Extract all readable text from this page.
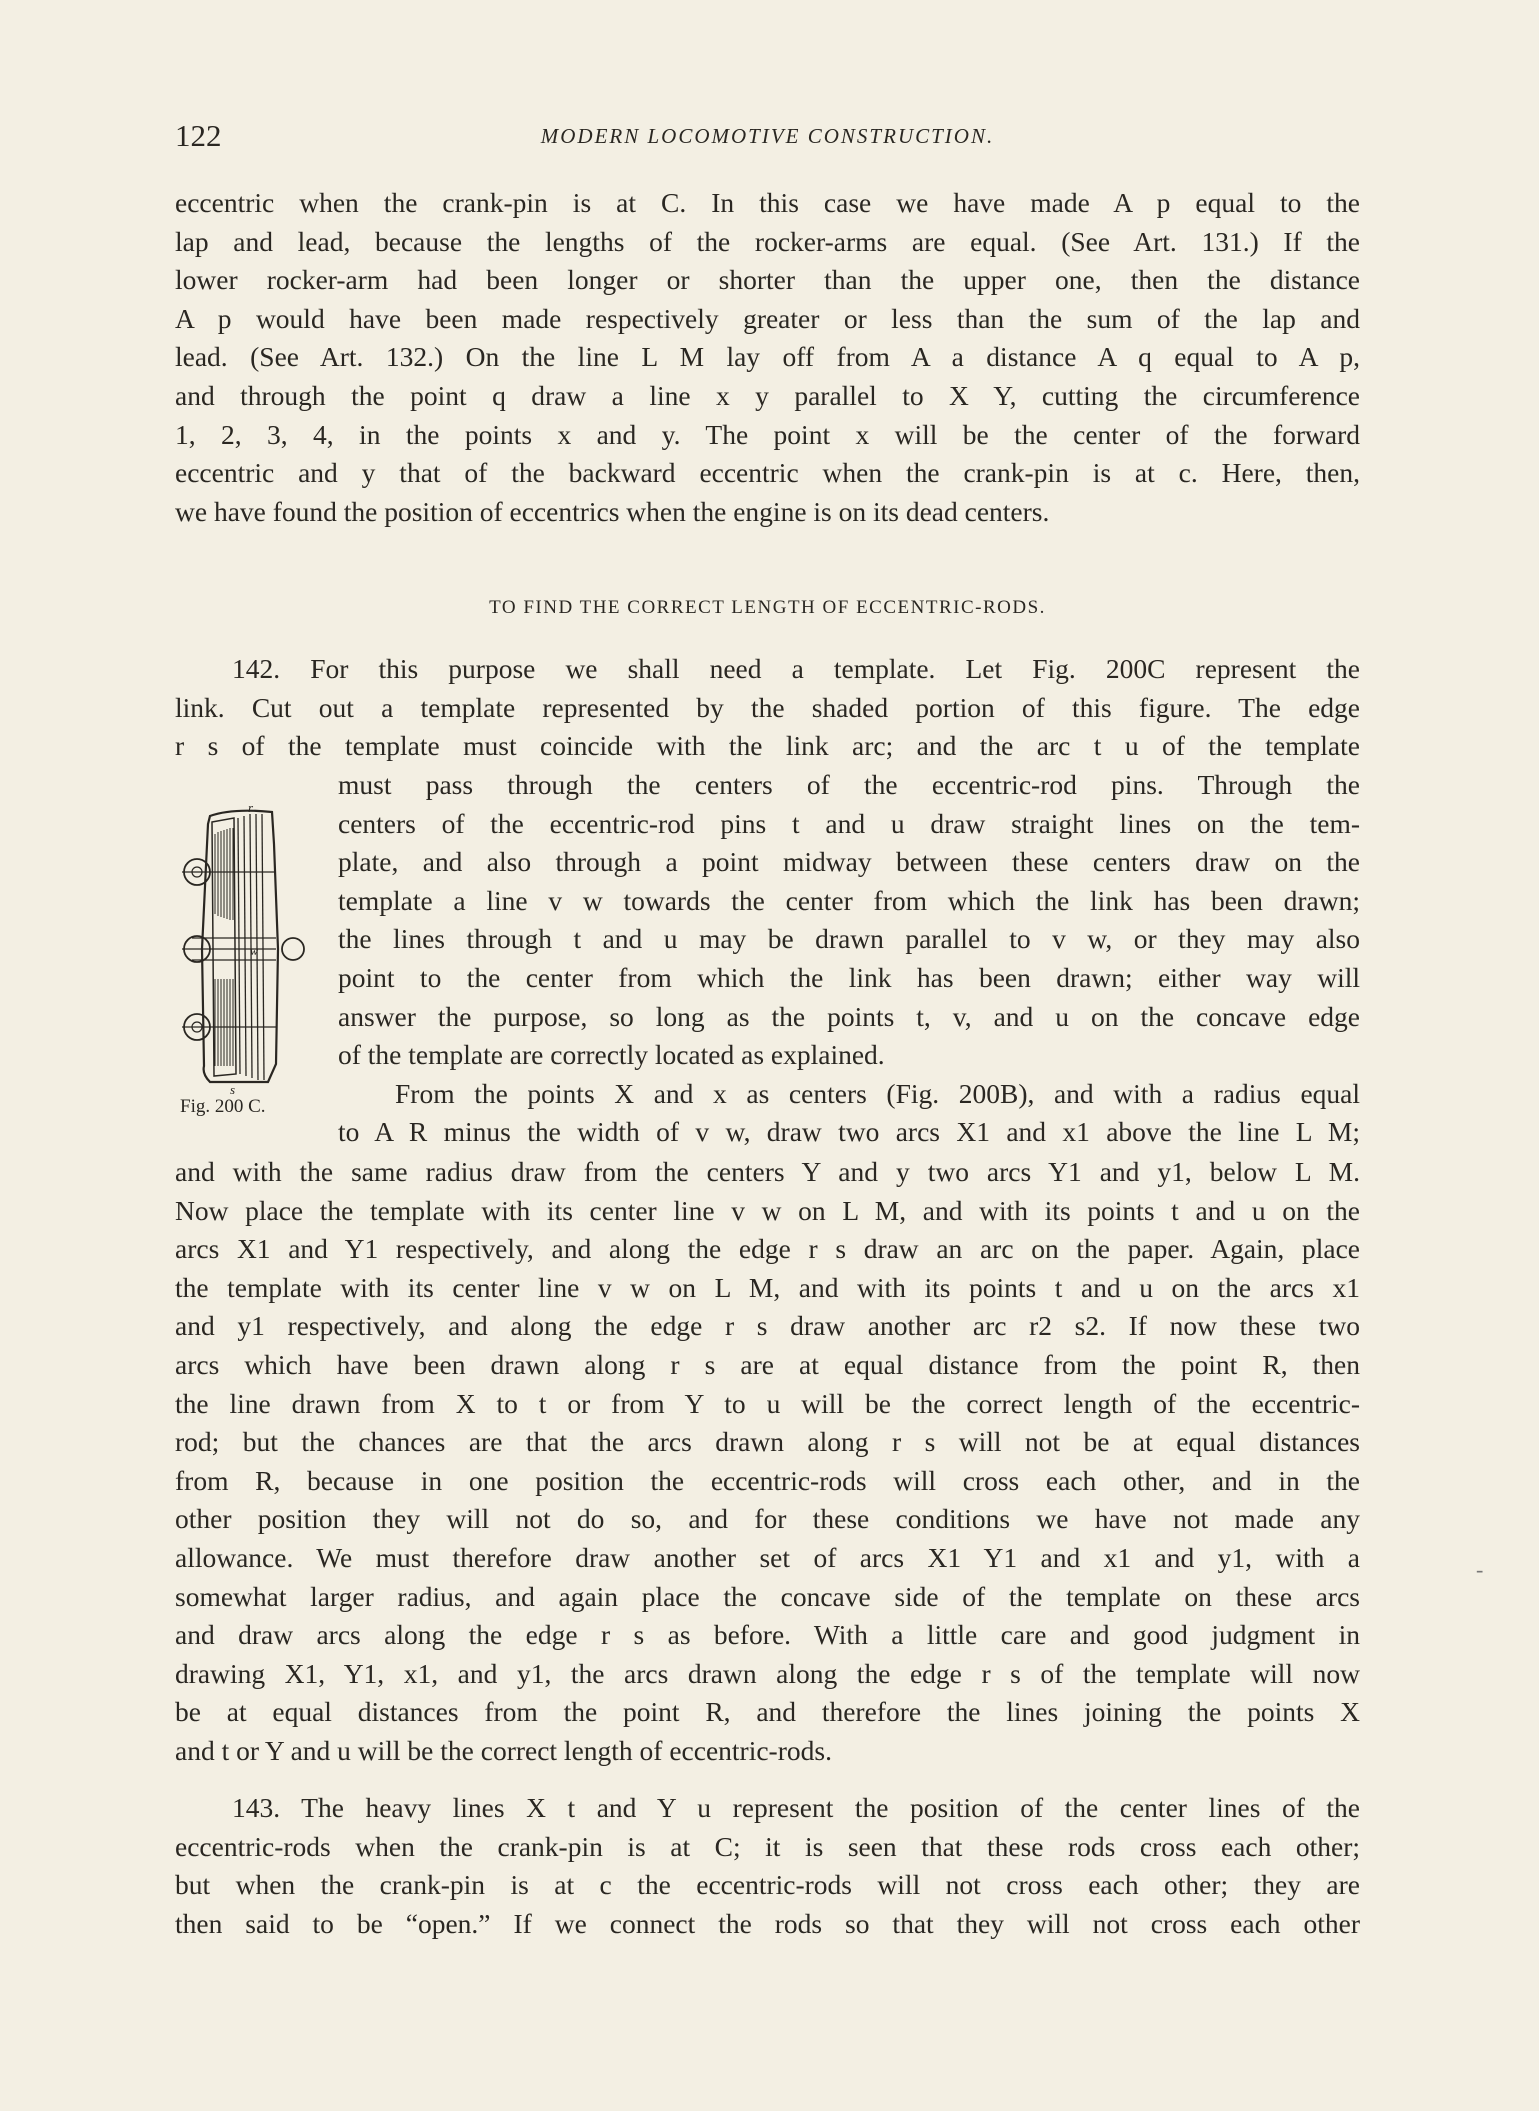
122	MODERN LOCOMOTIVE CONSTRUCTION.

eccentric when the crank-pin is at C. In this case we have made A p equal to the

lap and lead, because the lengths of the rocker-arms are equal. (See Art. 131.) If the

lower rocker-arm had been longer or shorter than the upper one, then the distance

A p would have been made respectively greater or less than the sum of the lap and

lead. (See Art. 132.) On the line L M lay off from A a distance A q equal to A p,

and through the point q draw a line x y parallel to X Y, cutting the circumference

1, 2, 3, 4, in the points x and y. The point x will be the center of the forward

eccentric and y that of the backward eccentric when the crank-pin is at c. Here, then,

we have found the position of eccentrics when the engine is on its dead centers.

TO FIND THE CORRECT LENGTH OF ECCENTRIC-RODS.

142. For this purpose we shall need a template. Let Fig. 200C represent the

link. Cut out a template represented by the shaded portion of this figure. The edge

r s of the template must coincide with the link arc; and the arc t u of the template

must pass through the centers of the eccentric-rod pins. Through the

centers of the eccentric-rod pins t and u draw straight lines on the tem-

plate, and also through a point midway between these centers draw on the

template a line v w towards the center from which the link has been drawn;

the lines through t and u may be drawn parallel to v w, or they may also

point to the center from which the link has been drawn; either way will

answer the purpose, so long as the points t, v, and u on the concave edge

of the template are correctly located as explained.

From the points X and x as centers (Fig. 200B), and with a radius equal

to A R minus the width of v w, draw two arcs X1 and x1 above the line L M;

and with the same radius draw from the centers Y and y two arcs Y1 and y1, below L M.

Now place the template with its center line v w on L M, and with its points t and u on the

arcs X1 and Y1 respectively, and along the edge r s draw an arc on the paper. Again, place

the template with its center line v w on L M, and with its points t and u on the arcs x1

and y1 respectively, and along the edge r s draw another arc r2 s2. If now these two

arcs which have been drawn along r s are at equal distance from the point R, then

the line drawn from X to t or from Y to u will be the correct length of the eccentric-

rod; but the chances are that the arcs drawn along r s will not be at equal distances

from R, because in one position the eccentric-rods will cross each other, and in the

other position they will not do so, and for these conditions we have not made any

allowance. We must therefore draw another set of arcs X1 Y1 and x1 and y1, with a

somewhat larger radius, and again place the concave side of the template on these arcs

and draw arcs along the edge r s as before. With a little care and good judgment in

drawing X1, Y1, x1, and y1, the arcs drawn along the edge r s of the template will now

be at equal distances from the point R, and therefore the lines joining the points X

and t or Y and u will be the correct length of eccentric-rods.

143. The heavy lines X t and Y u represent the position of the center lines of the

eccentric-rods when the crank-pin is at C; it is seen that these rods cross each other;

but when the crank-pin is at c the eccentric-rods will not cross each other; they are

then said to be “open.” If we connect the rods so that they will not cross each other

r
w
s
Fig. 200 C.
-
